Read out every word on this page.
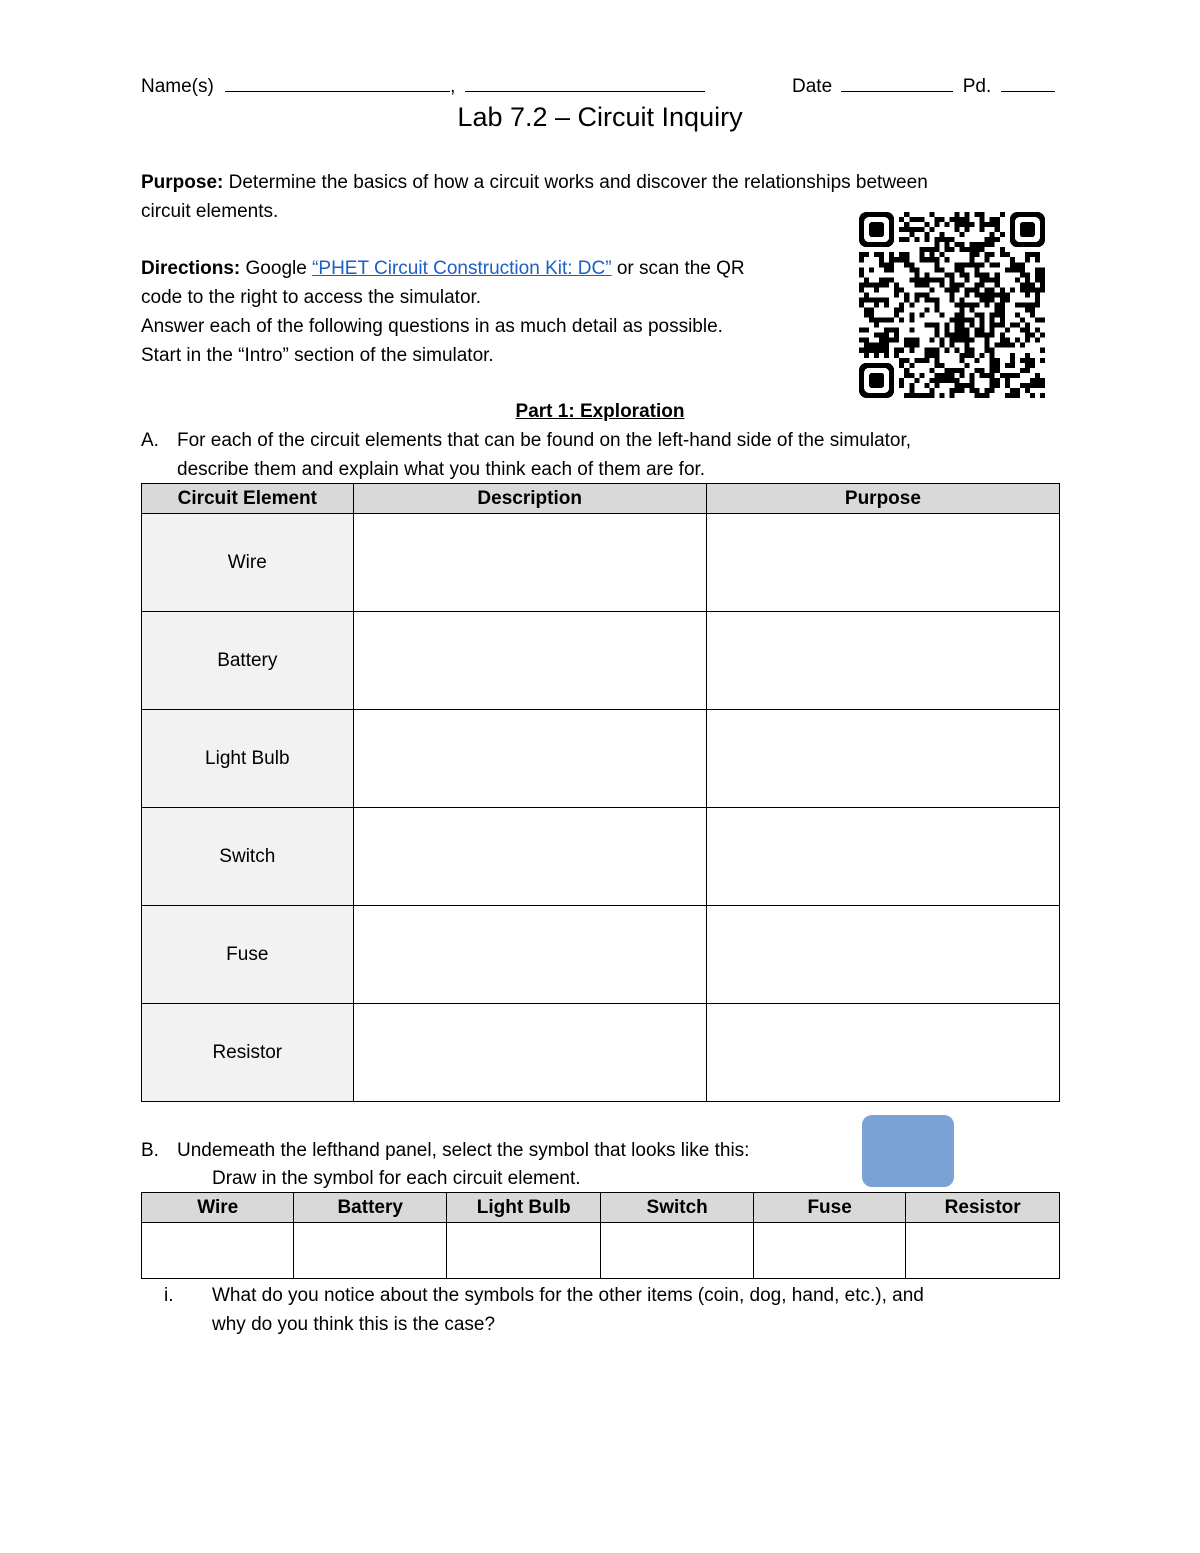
Name(s)	,	Date	Pd.
Lab 7.2 – Circuit Inquiry
Purpose: Determine the basics of how a circuit works and discover the relationships between
circuit elements.
Directions: Google “PHET Circuit Construction Kit: DC” or scan the QR
code to the right to access the simulator.
Answer each of the following questions in as much detail as possible.
Start in the “Intro” section of the simulator.
Part 1: Exploration
A. For each of the circuit elements that can be found on the left-hand side of the simulator,
describe them and explain what you think each of them are for.
Circuit Element	Description	Purpose
Wire		
Battery		
Light Bulb		
Switch		
Fuse		
Resistor		
B. Undemeath the lefthand panel, select the symbol that looks like this:
Draw in the symbol for each circuit element.
Wire	Battery	Light Bulb	Switch	Fuse	Resistor

i. What do you notice about the symbols for the other items (coin, dog, hand, etc.), and
why do you think this is the case?
